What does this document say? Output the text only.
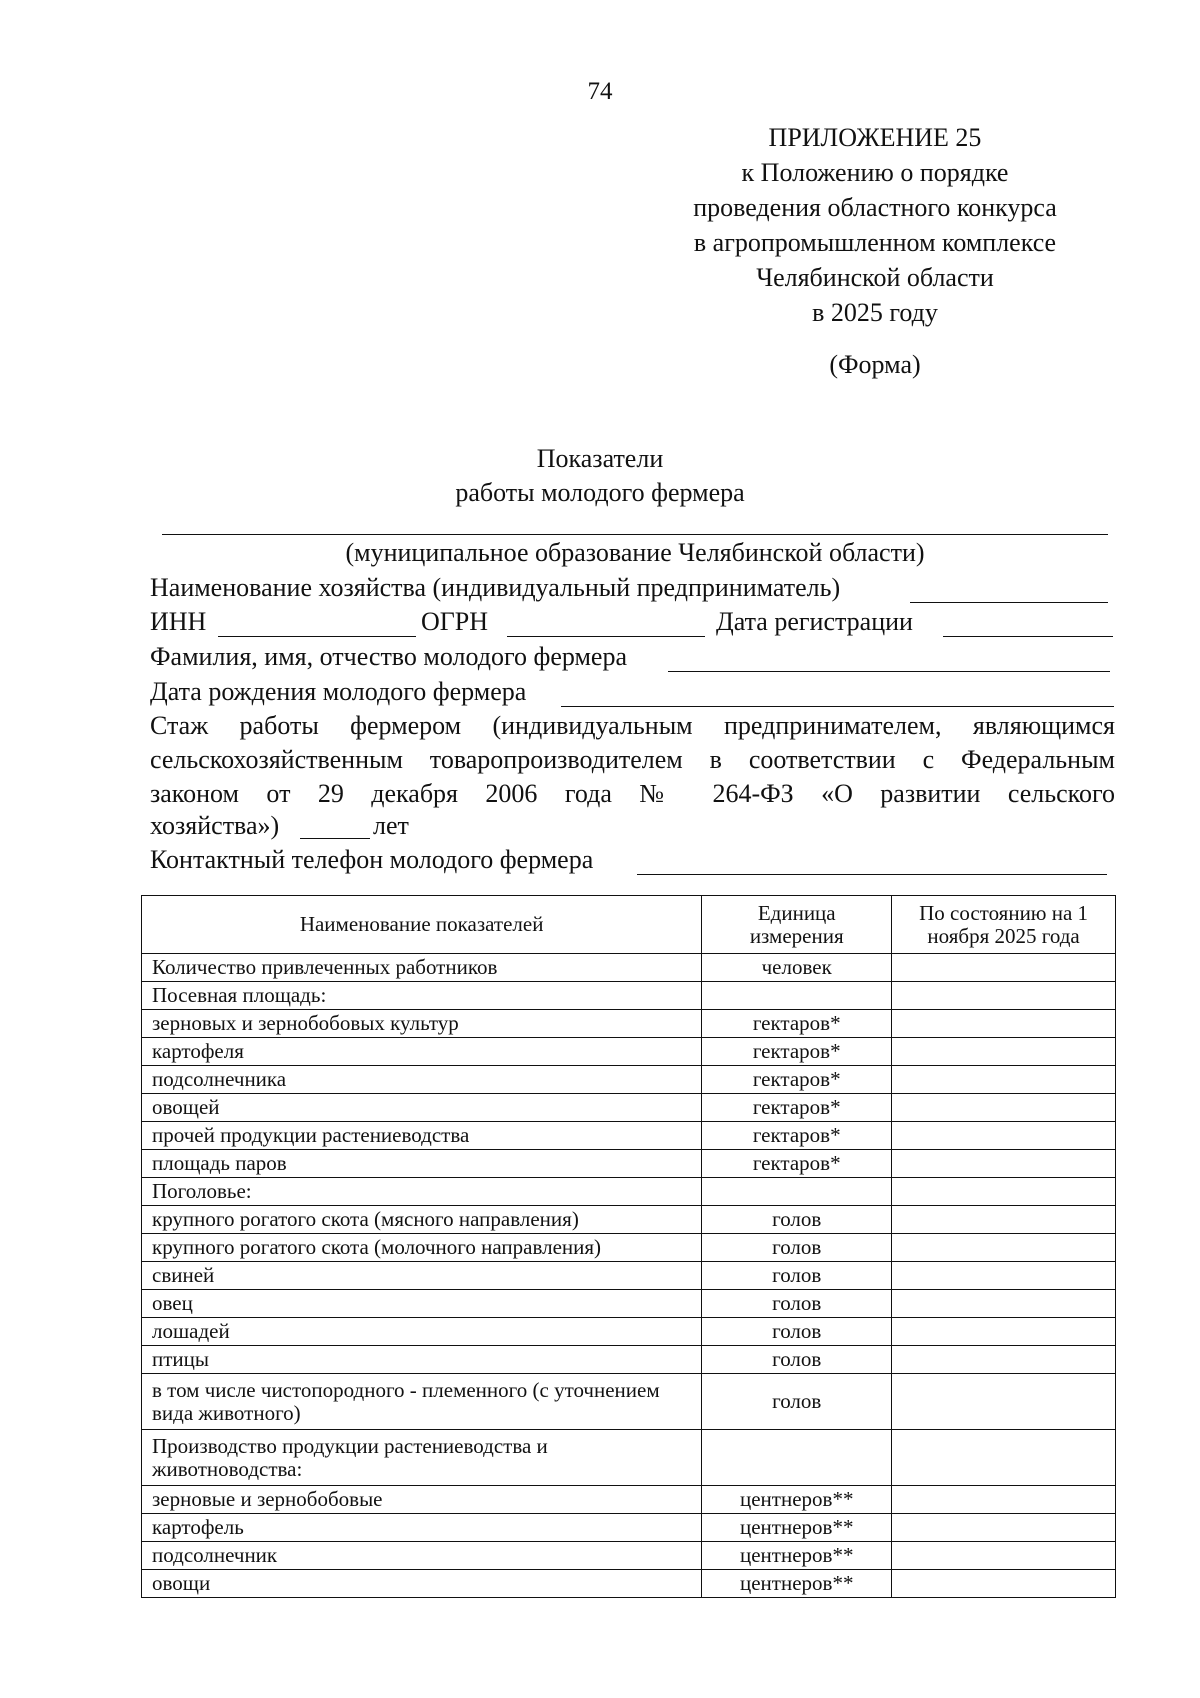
74
ПРИЛОЖЕНИЕ 25
к Положению о порядке
проведения областного конкурса
в агропромышленном комплексе
Челябинской области
в 2025 году
(Форма)
Показатели
работы молодого фермера
(муниципальное образование Челябинской области)
Наименование хозяйства (индивидуальный предприниматель)
ИНН	ОГРН	Дата регистрации
Фамилия, имя, отчество молодого фермера
Дата рождения молодого фермера
Стаж работы фермером (индивидуальным предпринимателем, являющимся
сельскохозяйственным товаропроизводителем в соответствии с Федеральным
законом от 29 декабря 2006 года № 264-ФЗ «О развитии сельского
хозяйства»)	лет
Контактный телефон молодого фермера
Наименование показателей	Единица измерения	По состоянию на 1 ноября 2025 года
Количество привлеченных работников	человек	
Посевная площадь:		
зерновых и зернобобовых культур	гектаров*	
картофеля	гектаров*	
подсолнечника	гектаров*	
овощей	гектаров*	
прочей продукции растениеводства	гектаров*	
площадь паров	гектаров*	
Поголовье:		
крупного рогатого скота (мясного направления)	голов	
крупного рогатого скота (молочного направления)	голов	
свиней	голов	
овец	голов	
лошадей	голов	
птицы	голов	
в том числе чистопородного - племенного (с уточнением вида животного)	голов	
Производство продукции растениеводства и животноводства:		
зерновые и зернобобовые	центнеров**	
картофель	центнеров**	
подсолнечник	центнеров**	
овощи	центнеров**	
